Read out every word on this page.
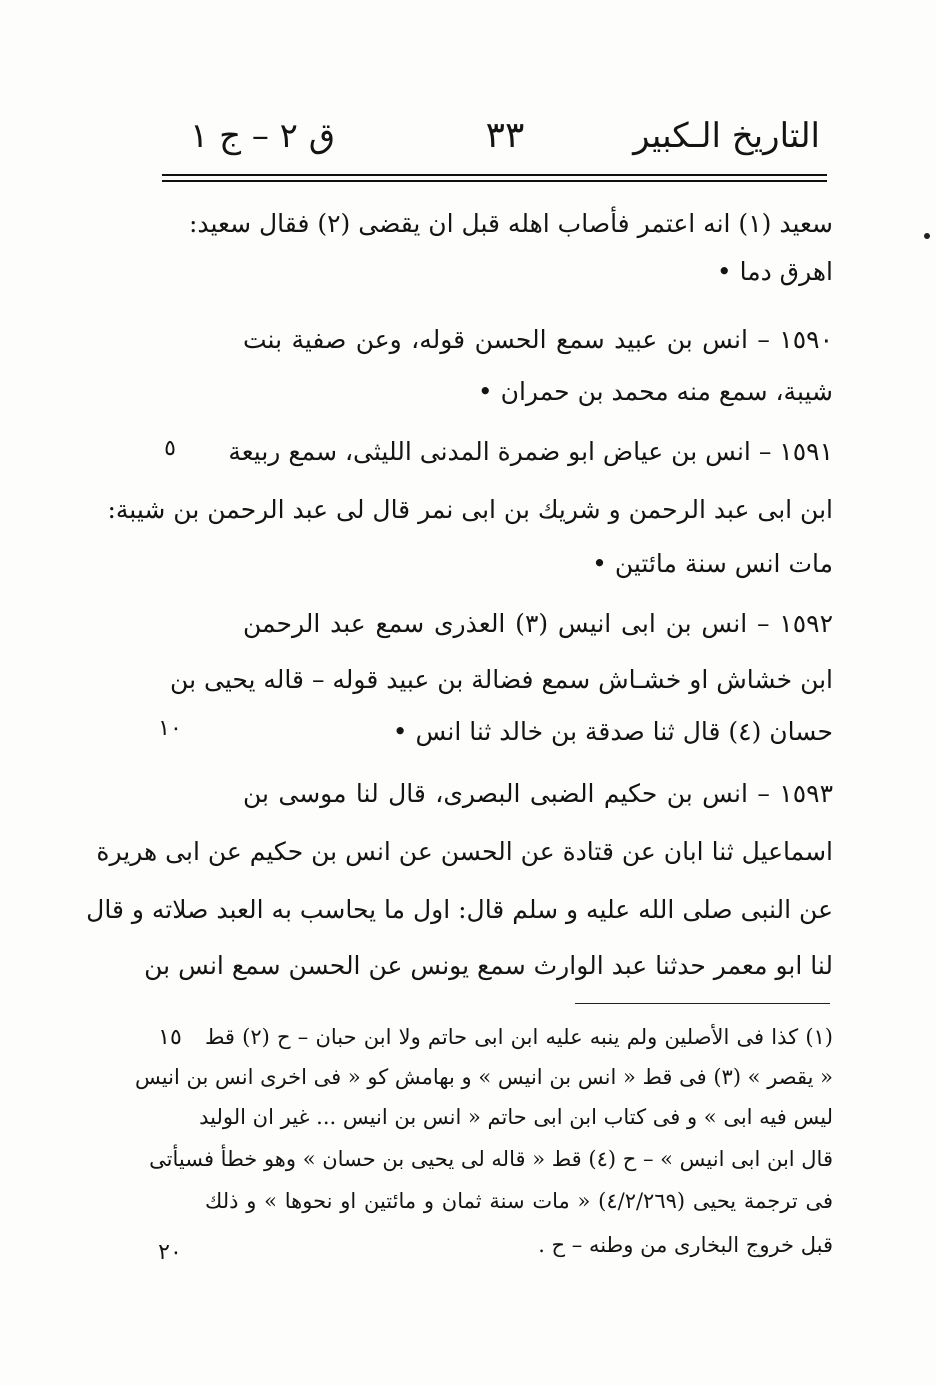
التاريخ الـكبير
٣٣
ق ٢ – ج ١
سعيد (١) انه اعتمر فأصاب اهله قبل ان يقضى (٢) فقال سعيد:
اهرق دما •
١٥٩٠ – انس بن عبيد سمع الحسن قوله، وعن صفية بنت
شيبة، سمع منه محمد بن حمران •
١٥٩١ – انس بن عياض ابو ضمرة المدنى الليثى، سمع ربيعة
ابن ابى عبد الرحمن و شريك بن ابى نمر قال لى عبد الرحمن بن شيبة:
مات انس سنة مائتين •
١٥٩٢ – انس بن ابى انيس (٣) العذرى سمع عبد الرحمن
ابن خشاش او خشـاش سمع فضالة بن عبيد قوله – قاله يحيى بن
حسان (٤) قال ثنا صدقة بن خالد ثنا انس •
١٥٩٣ – انس بن حكيم الضبى البصرى، قال لنا موسى بن
اسماعيل ثنا ابان عن قتادة عن الحسن عن انس بن حكيم عن ابى هريرة
عن النبى صلى الله عليه و سلم قال: اول ما يحاسب به العبد صلاته و قال
لنا ابو معمر حدثنا عبد الوارث سمع يونس عن الحسن سمع انس بن
٥
١٠
١٥
٢٠
(١) كذا فى الأصلين ولم ينبه عليه ابن ابى حاتم ولا ابن حبان – ح (٢) قط
« يقصر » (٣) فى قط « انس بن انيس » و بهامش كو « فى اخرى انس بن انيس
ليس فيه ابى » و فى كتاب ابن ابى حاتم « انس بن انيس ... غير ان الوليد
قال ابن ابى انيس » – ح (٤) قط « قاله لى يحيى بن حسان » وهو خطأ فسيأتى
فى ترجمة يحيى (٤/٢/٢٦٩) « مات سنة ثمان و مائتين او نحوها » و ذلك
قبل خروج البخارى من وطنه – ح .
